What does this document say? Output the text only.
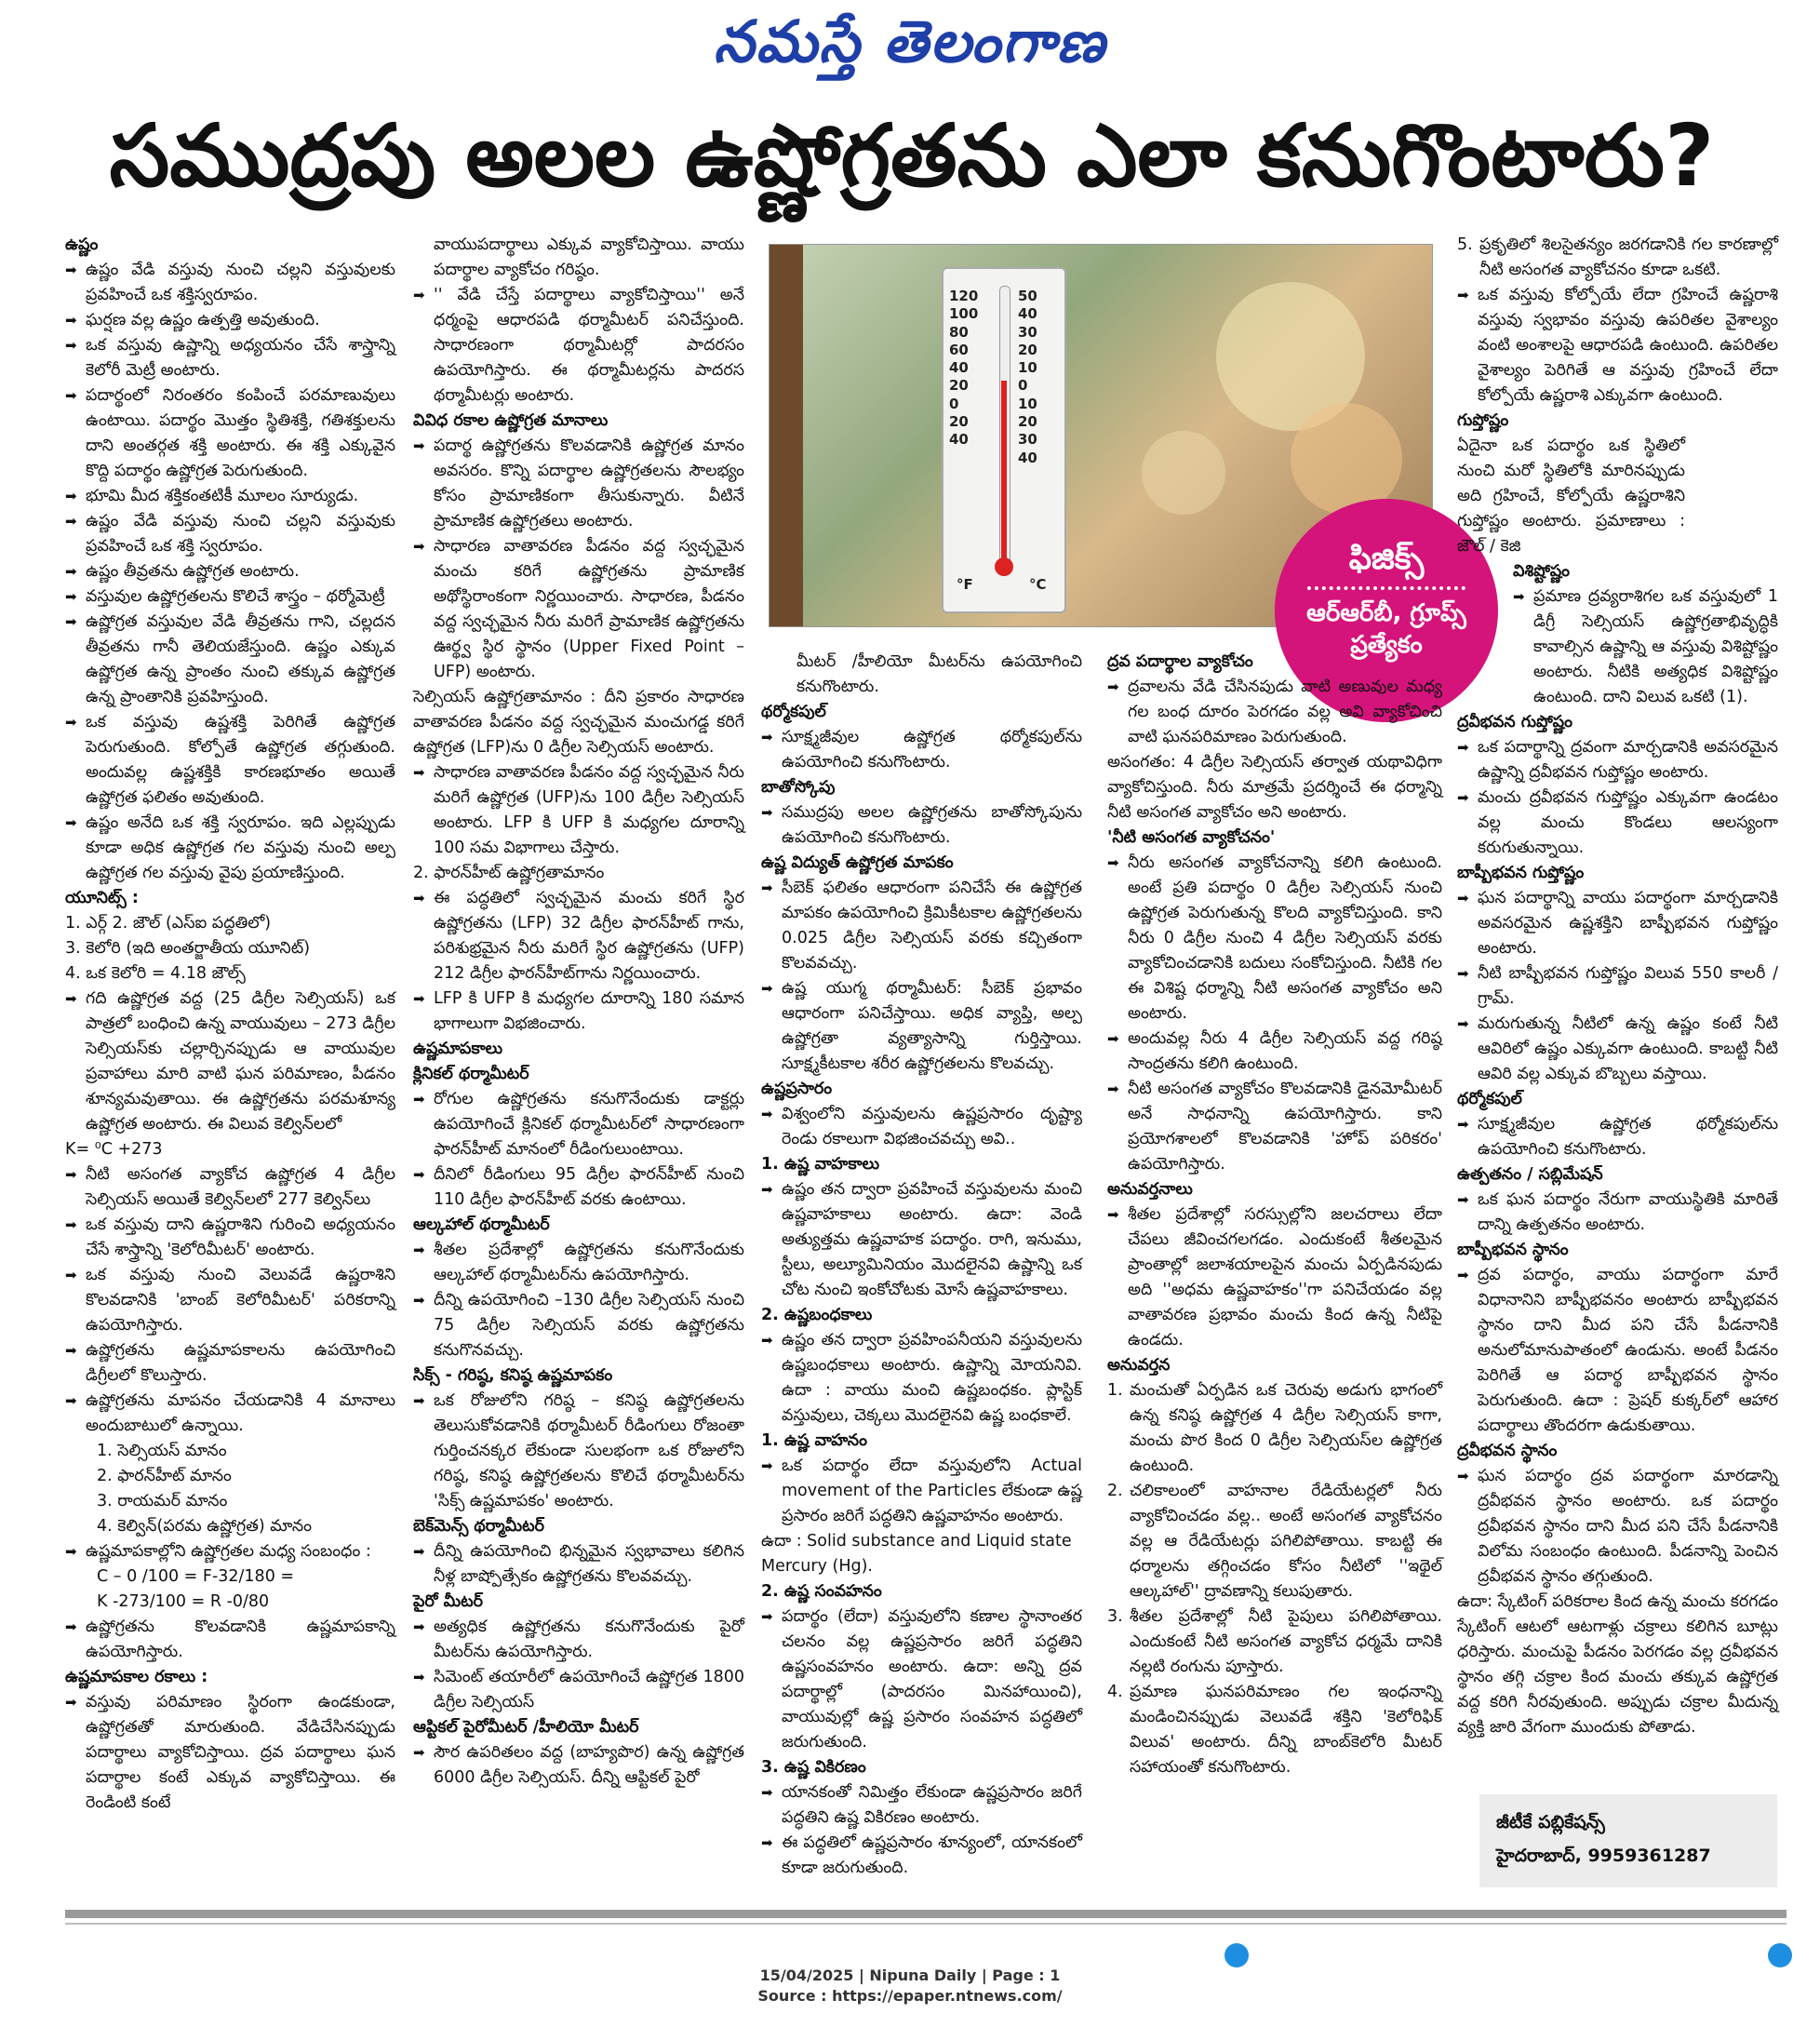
నమస్తే తెలంగాణ
సముద్రపు అలల ఉష్ణోగ్రతను ఎలా కనుగొంటారు?

ఉష్ణం

➡ ఉష్ణం వేడి వస్తువు నుంచి చల్లని వస్తువులకు ప్రవహించే ఒక శక్తిస్వరూపం.
➡ ఘర్షణ వల్ల ఉష్ణం ఉత్పత్తి అవుతుంది.
➡ ఒక వస్తువు ఉష్ణాన్ని అధ్యయనం చేసే శాస్త్రాన్ని కెలోరీ మెట్రీ అంటారు.
➡ పదార్థంలో నిరంతరం కంపించే పరమాణువులు ఉంటాయి. పదార్థం మొత్తం స్థితిశక్తి, గతిశక్తులను దాని అంతర్గత శక్తి అంటారు. ఈ శక్తి ఎక్కువైన కొద్ది పదార్థం ఉష్ణోగ్రత పెరుగుతుంది.
➡ భూమి మీద శక్తికంతటికీ మూలం సూర్యుడు.
➡ ఉష్ణం వేడి వస్తువు నుంచి చల్లని వస్తువుకు ప్రవహించే ఒక శక్తి స్వరూపం.
➡ ఉష్ణం తీవ్రతను ఉష్ణోగ్రత అంటారు.
➡ వస్తువుల ఉష్ణోగ్రతలను కొలిచే శాస్త్రం – థర్మోమెట్రీ
➡ ఉష్ణోగ్రత వస్తువుల వేడి తీవ్రతను గాని, చల్లదన తీవ్రతను గానీ తెలియజేస్తుంది. ఉష్ణం ఎక్కువ ఉష్ణోగ్రత ఉన్న ప్రాంతం నుంచి తక్కువ ఉష్ణోగ్రత ఉన్న ప్రాంతానికి ప్రవహిస్తుంది.
➡ ఒక వస్తువు ఉష్ణశక్తి పెరిగితే ఉష్ణోగ్రత పెరుగుతుంది. కోల్పోతే ఉష్ణోగ్రత తగ్గుతుంది. అందువల్ల ఉష్ణశక్తికి కారణభూతం అయితే ఉష్ణోగ్రత ఫలితం అవుతుంది.
➡ ఉష్ణం అనేది ఒక శక్తి స్వరూపం. ఇది ఎల్లప్పుడు కూడా అధిక ఉష్ణోగ్రత గల వస్తువు నుంచి అల్ప ఉష్ణోగ్రత గల వస్తువు వైపు ప్రయాణిస్తుంది.

యూనిట్స్ :

1. ఎర్గ్ 2. జౌల్ (ఎస్ఐ పద్ధతిలో)

3. కెలోరి (ఇది అంతర్జాతీయ యూనిట్)

4. ఒక కెలోరి = 4.18 జౌల్స్

➡ గది ఉష్ణోగ్రత వద్ద (25 డిగ్రీల సెల్సియస్) ఒక పాత్రలో బంధించి ఉన్న వాయువులు – 273 డిగ్రీల సెల్సియస్‌కు చల్లార్చినప్పుడు ఆ వాయువుల ప్రవాహాలు మారి వాటి ఘన పరిమాణం, పీడనం శూన్యమవుతాయి. ఈ ఉష్ణోగ్రతను పరమశూన్య ఉష్ణోగ్రత అంటారు. ఈ విలువ కెల్విన్‌లలో

K= ⁰C +273

➡ నీటి అసంగత వ్యాకోచ ఉష్ణోగ్రత 4 డిగ్రీల సెల్సియస్ అయితే కెల్విన్‌లలో 277 కెల్విన్‌లు
➡ ఒక వస్తువు దాని ఉష్ణరాశిని గురించి అధ్యయనం చేసే శాస్త్రాన్ని 'కెలోరిమీటర్' అంటారు.
➡ ఒక వస్తువు నుంచి వెలువడే ఉష్ణరాశిని కొలవడానికి 'బాంబ్ కెలోరిమీటర్' పరికరాన్ని ఉపయోగిస్తారు.
➡ ఉష్ణోగ్రతను ఉష్ణమాపకాలను ఉపయోగించి డిగ్రీలలో కొలుస్తారు.
➡ ఉష్ణోగ్రతను మాపనం చేయడానికి 4 మానాలు అందుబాటులో ఉన్నాయి.

1. సెల్సియస్ మానం

2. ఫారన్‌హీట్ మానం

3. రాయమర్ మానం

4. కెల్విన్(పరమ ఉష్ణోగ్రత) మానం

➡ ఉష్ణమాపకాల్లోని ఉష్ణోగ్రతల మధ్య సంబంధం :

C – 0 /100 = F-32/180 =

K -273/100 = R -0/80

➡ ఉష్ణోగ్రతను కొలవడానికి ఉష్ణమాపకాన్ని ఉపయోగిస్తారు.

ఉష్ణమాపకాల రకాలు :

➡ వస్తువు పరిమాణం స్థిరంగా ఉండకుండా, ఉష్ణోగ్రతతో మారుతుంది. వేడిచేసినప్పుడు పదార్థాలు వ్యాకోచిస్తాయి. ద్రవ పదార్థాలు ఘన పదార్థాల కంటే ఎక్కువ వ్యాకోచిస్తాయి. ఈ రెండింటి కంటే

వాయుపదార్థాలు ఎక్కువ వ్యాకోచిస్తాయి. వాయు పదార్థాల వ్యాకోచం గరిష్ఠం.

➡ '' వేడి చేస్తే పదార్థాలు వ్యాకోచిస్తాయి'' అనే ధర్మంపై ఆధారపడి థర్మామీటర్ పనిచేస్తుంది. సాధారణంగా థర్మామీటర్లో పాదరసం ఉపయోగిస్తారు. ఈ థర్మామీటర్లను పాదరస థర్మామీటర్లు అంటారు.

వివిధ రకాల ఉష్ణోగ్రత మానాలు

➡ పదార్థ ఉష్ణోగ్రతను కొలవడానికి ఉష్ణోగ్రత మానం అవసరం. కొన్ని పదార్థాల ఉష్ణోగ్రతలను సౌలభ్యం కోసం ప్రామాణికంగా తీసుకున్నారు. వీటినే ప్రామాణిక ఉష్ణోగ్రతలు అంటారు.
➡ సాధారణ వాతావరణ పీడనం వద్ద స్వచ్ఛమైన మంచు కరిగే ఉష్ణోగ్రతను ప్రామాణిక అథోస్థిరాంకంగా నిర్ణయించారు. సాధారణ, పీడనం వద్ద స్వచ్ఛమైన నీరు మరిగే ప్రామాణిక ఉష్ణోగ్రతను ఊర్థ్వ స్థిర స్థానం (Upper Fixed Point – UFP) అంటారు.

సెల్సియస్ ఉష్ణోగ్రతామానం : దీని ప్రకారం సాధారణ వాతావరణ పీడనం వద్ద స్వచ్ఛమైన మంచుగడ్డ కరిగే ఉష్ణోగ్రత (LFP)ను 0 డిగ్రీల సెల్సియస్ అంటారు.

➡ సాధారణ వాతావరణ పీడనం వద్ద స్వచ్ఛమైన నీరు మరిగే ఉష్ణోగ్రత (UFP)ను 100 డిగ్రీల సెల్సియస్ అంటారు. LFP కి UFP కి మధ్యగల దూరాన్ని 100 సమ విభాగాలు చేస్తారు.

2. ఫారన్‌హీట్ ఉష్ణోగ్రతామానం

➡ ఈ పద్ధతిలో స్వచ్ఛమైన మంచు కరిగే స్థిర ఉష్ణోగ్రతను (LFP) 32 డిగ్రీల ఫారన్‌హీట్ గాను, పరిశుభ్రమైన నీరు మరిగే స్థిర ఉష్ణోగ్రతను (UFP) 212 డిగ్రీల ఫారన్‌హీట్‌గాను నిర్ణయించారు.
➡ LFP కి UFP కి మధ్యగల దూరాన్ని 180 సమాన భాగాలుగా విభజించారు.

ఉష్ణమాపకాలు

క్లినికల్ థర్మామీటర్

➡ రోగుల ఉష్ణోగ్రతను కనుగొనేందుకు డాక్టర్లు ఉపయోగించే క్లినికల్ థర్మామీటర్‌లో సాధారణంగా ఫారన్‌హీట్ మానంలో రీడింగులుంటాయి.
➡ దీనిలో రీడింగులు 95 డిగ్రీల ఫారన్‌హీట్ నుంచి 110 డిగ్రీల ఫారన్‌హీట్ వరకు ఉంటాయి.

ఆల్కహాల్ థర్మామీటర్

➡ శీతల ప్రదేశాల్లో ఉష్ణోగ్రతను కనుగొనేందుకు ఆల్కహాల్ థర్మామీటర్‌ను ఉపయోగిస్తారు.
➡ దీన్ని ఉపయోగించి –130 డిగ్రీల సెల్సియస్ నుంచి 75 డిగ్రీల సెల్సియస్ వరకు ఉష్ణోగ్రతను కనుగొనవచ్చు.

సిక్స్ - గరిష్ఠ, కనిష్ఠ ఉష్ణమాపకం

➡ ఒక రోజులోని గరిష్ఠ – కనిష్ఠ ఉష్ణోగ్రతలను తెలుసుకోవడానికి థర్మామీటర్ రీడింగులు రోజంతా గుర్తించనక్కర లేకుండా సులభంగా ఒక రోజులోని గరిష్ఠ, కనిష్ఠ ఉష్ణోగ్రతలను కొలిచే థర్మామీటర్‌ను 'సిక్స్ ఉష్ణమాపకం' అంటారు.

బెక్‌మెన్స్ థర్మామీటర్

➡ దీన్ని ఉపయోగించి భిన్నమైన స్వభావాలు కలిగిన నీళ్ల బాష్పోత్సేకం ఉష్ణోగ్రతను కొలవవచ్చు.

పైరో మీటర్

➡ అత్యధిక ఉష్ణోగ్రతను కనుగొనేందుకు పైరో మీటర్‌ను ఉపయోగిస్తారు.
➡ సిమెంట్ తయారీలో ఉపయోగించే ఉష్ణోగ్రత 1800 డిగ్రీల సెల్సియస్

ఆప్టికల్ పైరోమీటర్ /హీలియో మీటర్

➡ సౌర ఉపరితలం వద్ద (బాహ్యపొర) ఉన్న ఉష్ణోగ్రత 6000 డిగ్రీల సెల్సియస్. దీన్ని ఆప్టికల్ పైరో
120
100
80
60
40
20
0
20
40
50
40
30
20
10
0
10
20
30
40
°F	°C
ఫిజిక్స్
ఆర్ఆర్‌బీ, గ్రూప్స్ ప్రత్యేకం

మీటర్ /హీలియో మీటర్‌ను ఉపయోగించి కనుగొంటారు.

థర్మోకపుల్

➡ సూక్ష్మజీవుల ఉష్ణోగ్రత థర్మోకపుల్‌ను ఉపయోగించి కనుగొంటారు.

బాతోస్కోపు

➡ సముద్రపు అలల ఉష్ణోగ్రతను బాతోస్కోపును ఉపయోగించి కనుగొంటారు.

ఉష్ణ విద్యుత్ ఉష్ణోగ్రత మాపకం

➡ సీబెక్ ఫలితం ఆధారంగా పనిచేసే ఈ ఉష్ణోగ్రత మాపకం ఉపయోగించి క్రిమికీటకాల ఉష్ణోగ్రతలను 0.025 డిగ్రీల సెల్సియస్ వరకు కచ్చితంగా కొలవవచ్చు.
➡ ఉష్ణ యుగ్మ థర్మామీటర్: సీబెక్ ప్రభావం ఆధారంగా పనిచేస్తాయి. అధిక వ్యాప్తి, అల్ప ఉష్ణోగ్రతా వ్యత్యాసాన్ని గుర్తిస్తాయి. సూక్ష్మకీటకాల శరీర ఉష్ణోగ్రతలను కొలవచ్చు.

ఉష్ణప్రసారం

➡ విశ్వంలోని వస్తువులను ఉష్ణప్రసారం దృష్ట్యా రెండు రకాలుగా విభజించవచ్చు అవి..

1. ఉష్ణ వాహకాలు

➡ ఉష్ణం తన ద్వారా ప్రవహించే వస్తువులను మంచి ఉష్ణవాహకాలు అంటారు. ఉదా: వెండి అత్యుత్తమ ఉష్ణవాహక పదార్థం. రాగి, ఇనుము, స్టీలు, అల్యూమినియం మొదలైనవి ఉష్ణాన్ని ఒక చోట నుంచి ఇంకోచోటకు మోసే ఉష్ణవాహకాలు.

2. ఉష్ణబంధకాలు

➡ ఉష్ణం తన ద్వారా ప్రవహింపనీయని వస్తువులను ఉష్ణబంధకాలు అంటారు. ఉష్ణాన్ని మోయనివి. ఉదా : వాయు మంచి ఉష్ణబంధకం. ప్లాస్టిక్ వస్తువులు, చెక్కలు మొదలైనవి ఉష్ణ బంధకాలే.

1. ఉష్ణ వాహనం

➡ ఒక పదార్థం లేదా వస్తువులోని Actual movement of the Particles లేకుండా ఉష్ణ ప్రసారం జరిగే పద్ధతిని ఉష్ణవాహనం అంటారు.

ఉదా : Solid substance and Liquid state Mercury (Hg).

2. ఉష్ణ సంవహనం

➡ పదార్థం (లేదా) వస్తువులోని కణాల స్థానాంతర చలనం వల్ల ఉష్ణప్రసారం జరిగే పద్ధతిని ఉష్ణసంవహనం అంటారు. ఉదా: అన్ని ద్రవ పదార్థాల్లో (పాదరసం మినహాయించి), వాయువుల్లో ఉష్ణ ప్రసారం సంవహన పద్ధతిలో జరుగుతుంది.

3. ఉష్ణ వికిరణం

➡ యానకంతో నిమిత్తం లేకుండా ఉష్ణప్రసారం జరిగే పద్ధతిని ఉష్ణ వికిరణం అంటారు.
➡ ఈ పద్ధతిలో ఉష్ణప్రసారం శూన్యంలో, యానకంలో కూడా జరుగుతుంది.

ద్రవ పదార్థాల వ్యాకోచం

➡ ద్రవాలను వేడి చేసినపుడు వాటి అణువుల మధ్య గల బంధ దూరం పెరగడం వల్ల అవి వ్యాకోచించి వాటి ఘనపరిమాణం పెరుగుతుంది.

అసంగతం: 4 డిగ్రీల సెల్సియస్ తర్వాత యథావిధిగా వ్యాకోచిస్తుంది. నీరు మాత్రమే ప్రదర్శించే ఈ ధర్మాన్ని నీటి అసంగత వ్యాకోచం అని అంటారు.

'నీటి అసంగత వ్యాకోచనం'

➡ నీరు అసంగత వ్యాకోచనాన్ని కలిగి ఉంటుంది. అంటే ప్రతి పదార్థం 0 డిగ్రీల సెల్సియస్ నుంచి ఉష్ణోగ్రత పెరుగుతున్న కొలది వ్యాకోచిస్తుంది. కాని నీరు 0 డిగ్రీల నుంచి 4 డిగ్రీల సెల్సియస్ వరకు వ్యాకోచించడానికి బదులు సంకోచిస్తుంది. నీటికి గల ఈ విశిష్ట ధర్మాన్ని నీటి అసంగత వ్యాకోచం అని అంటారు.
➡ అందువల్ల నీరు 4 డిగ్రీల సెల్సియస్ వద్ద గరిష్ఠ సాంద్రతను కలిగి ఉంటుంది.
➡ నీటి అసంగత వ్యాకోచం కొలవడానికి డైనమోమీటర్ అనే సాధనాన్ని ఉపయోగిస్తారు. కాని ప్రయోగశాలలో కొలవడానికి 'హోప్ పరికరం' ఉపయోగిస్తారు.

అనువర్తనాలు

➡ శీతల ప్రదేశాల్లో సరస్సుల్లోని జలచరాలు లేదా చేపలు జీవించగలగడం. ఎందుకంటే శీతలమైన ప్రాంతాల్లో జలాశయాలపైన మంచు ఏర్పడినపుడు అది ''అధమ ఉష్ణవాహకం''గా పనిచేయడం వల్ల వాతావరణ ప్రభావం మంచు కింద ఉన్న నీటిపై ఉండదు.

అనువర్తన

1. మంచుతో ఏర్పడిన ఒక చెరువు అడుగు భాగంలో ఉన్న కనిష్ఠ ఉష్ణోగ్రత 4 డిగ్రీల సెల్సియస్ కాగా, మంచు పొర కింద 0 డిగ్రీల సెల్సియస్‌ల ఉష్ణోగ్రత ఉంటుంది.
2. చలికాలంలో వాహనాల రేడియేటర్లలో నీరు వ్యాకోచించడం వల్ల.. అంటే అసంగత వ్యాకోచనం వల్ల ఆ రేడియేటర్లు పగిలిపోతాయి. కాబట్టి ఈ ధర్మాలను తగ్గించడం కోసం నీటిలో ''ఇథైల్ ఆల్కహాల్'' ద్రావణాన్ని కలుపుతారు.
3. శీతల ప్రదేశాల్లో నీటి పైపులు పగిలిపోతాయి. ఎందుకంటే నీటి అసంగత వ్యాకోచ ధర్మమే దానికి నల్లటి రంగును పూస్తారు.
4. ప్రమాణ ఘనపరిమాణం గల ఇంధనాన్ని మండించినప్పుడు వెలువడే శక్తిని 'కెలోరిఫిక్ విలువ' అంటారు. దీన్ని బాంబ్‌కెలోరి మీటర్ సహాయంతో కనుగొంటారు.
5. ప్రకృతిలో శిలసైతన్యం జరగడానికి గల కారణాల్లో నీటి అసంగత వ్యాకోచనం కూడా ఒకటి.
➡ ఒక వస్తువు కోల్పోయే లేదా గ్రహించే ఉష్ణరాశి వస్తువు స్వభావం వస్తువు ఉపరితల వైశాల్యం వంటి అంశాలపై ఆధారపడి ఉంటుంది. ఉపరితల వైశాల్యం పెరిగితే ఆ వస్తువు గ్రహించే లేదా కోల్పోయే ఉష్ణరాశి ఎక్కువగా ఉంటుంది.

గుప్తోష్ణం

ఏదైనా ఒక పదార్థం ఒక స్థితిలో నుంచి మరో స్థితిలోకి మారినప్పుడు అది గ్రహించే, కోల్పోయే ఉష్ణరాశిని గుప్తోష్ణం అంటారు. ప్రమాణాలు : జౌల్ / కెజి

విశిష్టోష్ణం

➡ ప్రమాణ ద్రవ్యరాశిగల ఒక వస్తువులో 1 డిగ్రీ సెల్సియస్ ఉష్ణోగ్రతాభివృద్ధికి కావాల్సిన ఉష్ణాన్ని ఆ వస్తువు విశిష్టోష్ణం అంటారు. నీటికి అత్యధిక విశిష్టోష్ణం ఉంటుంది. దాని విలువ ఒకటి (1).

ద్రవీభవన గుప్తోష్ణం

➡ ఒక పదార్థాన్ని ద్రవంగా మార్చడానికి అవసరమైన ఉష్ణాన్ని ద్రవీభవన గుప్తోష్ణం అంటారు.
➡ మంచు ద్రవీభవన గుప్తోష్ణం ఎక్కువగా ఉండటం వల్ల మంచు కొండలు ఆలస్యంగా కరుగుతున్నాయి.

బాష్పీభవన గుప్తోష్ణం

➡ ఘన పదార్థాన్ని వాయు పదార్థంగా మార్చడానికి అవసరమైన ఉష్ణశక్తిని బాష్పీభవన గుప్తోష్ణం అంటారు.
➡ నీటి బాష్పీభవన గుప్తోష్ణం విలువ 550 కాలరీ / గ్రామ్.
➡ మరుగుతున్న నీటిలో ఉన్న ఉష్ణం కంటే నీటి ఆవిరిలో ఉష్ణం ఎక్కువగా ఉంటుంది. కాబట్టి నీటి ఆవిరి వల్ల ఎక్కువ బొబ్బలు వస్తాయి.

థర్మోకపుల్

➡ సూక్ష్మజీవుల ఉష్ణోగ్రత థర్మోకపుల్‌ను ఉపయోగించి కనుగొంటారు.

ఉత్పతనం / సబ్లిమేషన్

➡ ఒక ఘన పదార్థం నేరుగా వాయుస్థితికి మారితే దాన్ని ఉత్పతనం అంటారు.

బాష్పీభవన స్థానం

➡ ద్రవ పదార్థం, వాయు పదార్థంగా మారే విధానానిని బాష్పీభవనం అంటారు బాష్పీభవన స్థానం దాని మీద పని చేసే పీడనానికి అనులోమానుపాతంలో ఉండును. అంటే పీడనం పెరిగితే ఆ పదార్థ బాష్పీభవన స్థానం పెరుగుతుంది. ఉదా : ప్రెషర్ కుక్కర్‌లో ఆహార పదార్థాలు తొందరగా ఉడుకుతాయి.

ద్రవీభవన స్థానం

➡ ఘన పదార్థం ద్రవ పదార్థంగా మారడాన్ని ద్రవీభవన స్థానం అంటారు. ఒక పదార్థం ద్రవీభవన స్థానం దాని మీద పని చేసే పీడనానికి విలోమ సంబంధం ఉంటుంది. పీడనాన్ని పెంచిన ద్రవీభవన స్థానం తగ్గుతుంది.

ఉదా: స్కేటింగ్ పరికరాల కింద ఉన్న మంచు కరగడం స్కేటింగ్ ఆటలో ఆటగాళ్లు చక్రాలు కలిగిన బూట్లు ధరిస్తారు. మంచుపై పీడనం పెరగడం వల్ల ద్రవీభవన స్థానం తగ్గి చక్రాల కింద మంచు తక్కువ ఉష్ణోగ్రత వద్ద కరిగి నీరవుతుంది. అప్పుడు చక్రాల మీదున్న వ్యక్తి జారి వేగంగా ముందుకు పోతాడు.

జీటీకే పబ్లికేషన్స్
హైదరాబాద్, 9959361287
15/04/2025 | Nipuna Daily | Page : 1
Source : https://epaper.ntnews.com/
